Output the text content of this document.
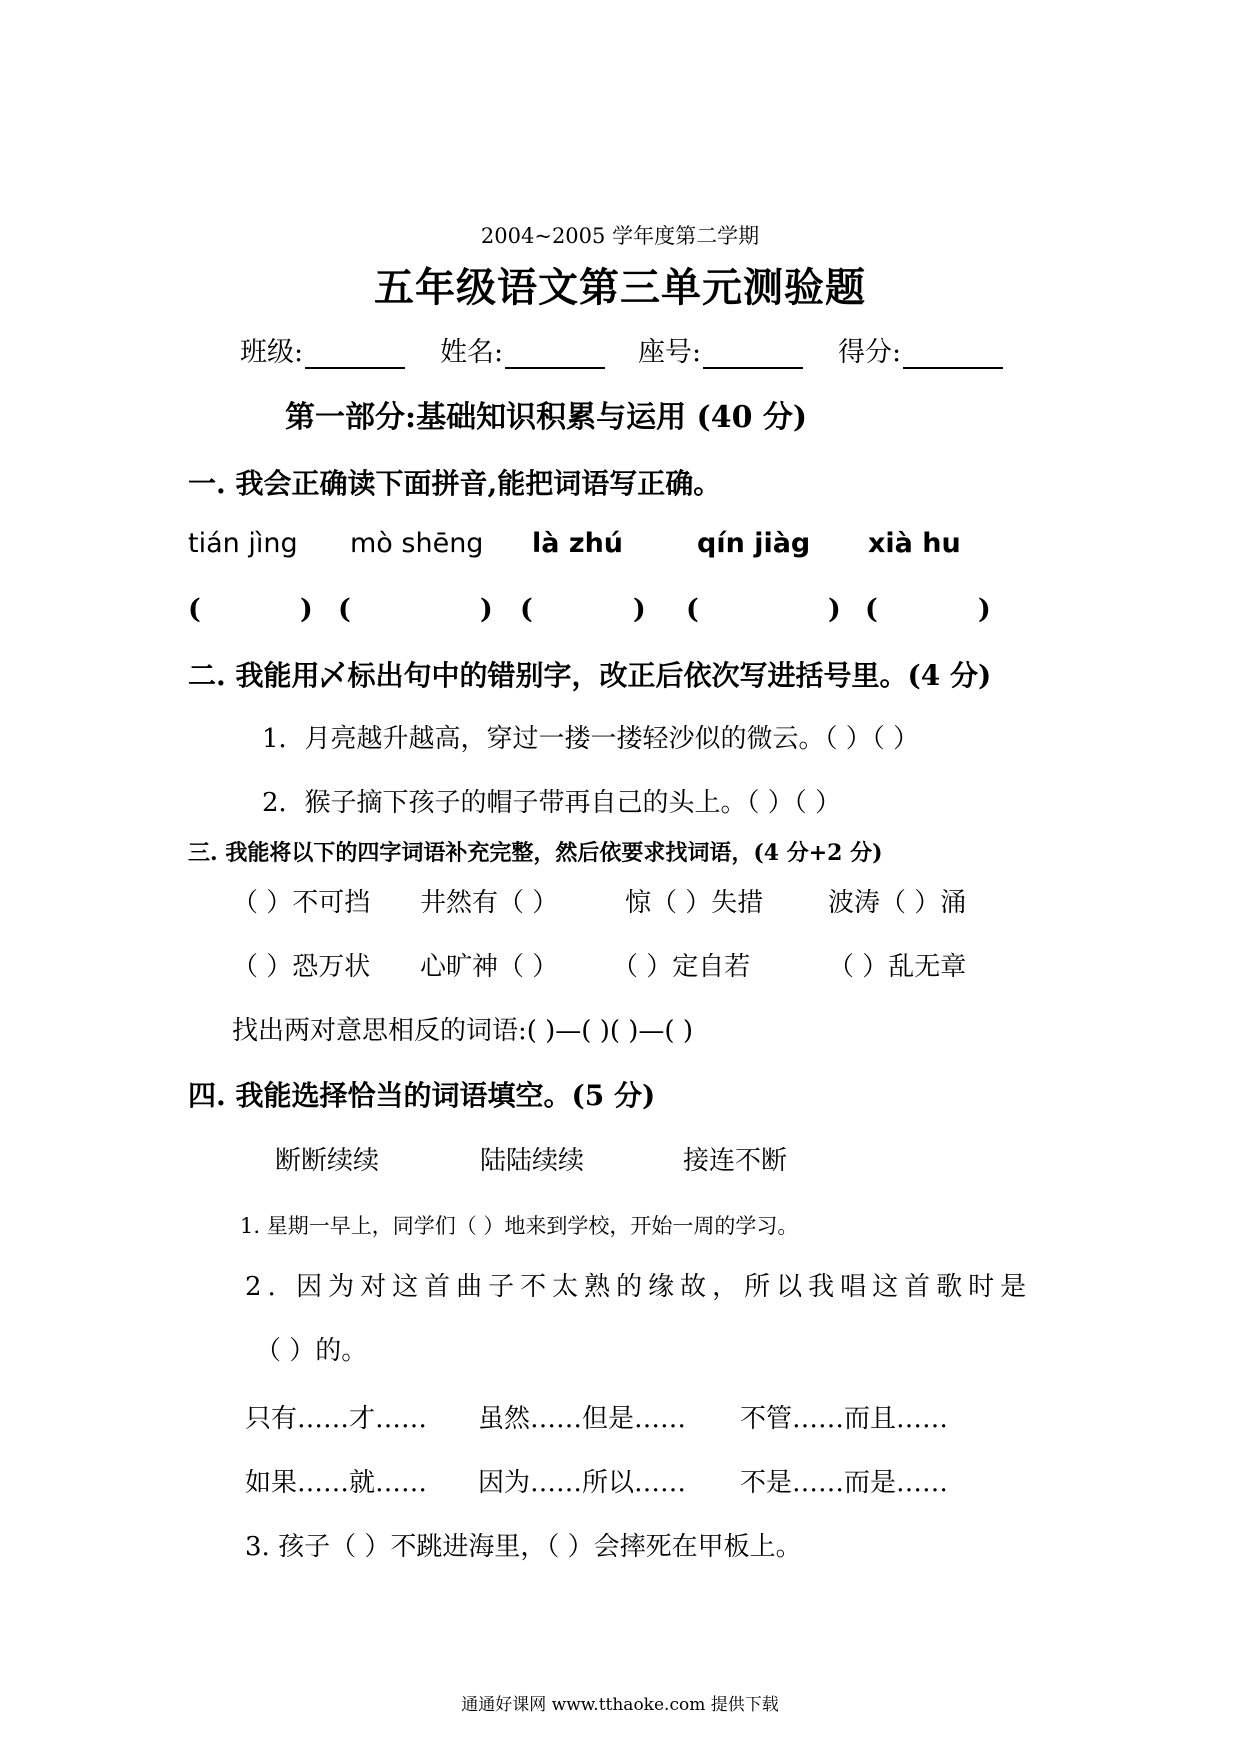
2004~2005 学年度第二学期
五年级语文第三单元测验题
班级:	姓名:	座号:	得分:
第一部分:基础知识积累与运用 (40 分)
一. 我会正确读下面拼音,能把词语写正确。
tián jìng mò shēng là zhú	qín jiàg xià hu
(	) (	) (	) (	) (	)
二. 我能用乄标出句中的错别字，改正后依次写进括号里。(4 分)
1．月亮越升越高，穿过一搂一搂轻沙似的微云。（ ）（ ）
2．猴子摘下孩子的帽子带再自己的头上。（ ）（ ）
三. 我能将以下的四字词语补充完整，然后依要求找词语，(4 分+2 分)
（ ）不可挡 井然有（ ）	惊（ ）失措 波涛（ ）涌
（ ）恐万状 心旷神（ ） （ ）定自若	（ ）乱无章
找出两对意思相反的词语:( )—( )( )—( )
四. 我能选择恰当的词语填空。(5 分)
断断续续	陆陆续续	接连不断
1. 星期一早上，同学们（ ）地来到学校，开始一周的学习。
2. 因为对这首曲子不太熟的缘故，所以我唱这首歌时是
（ ）的。
只有……才…… 虽然……但是…… 不管……而且……
如果……就…… 因为……所以…… 不是……而是……
3. 孩子（ ）不跳进海里，（ ）会摔死在甲板上。
通通好课网 www.tthaoke.com 提供下载
